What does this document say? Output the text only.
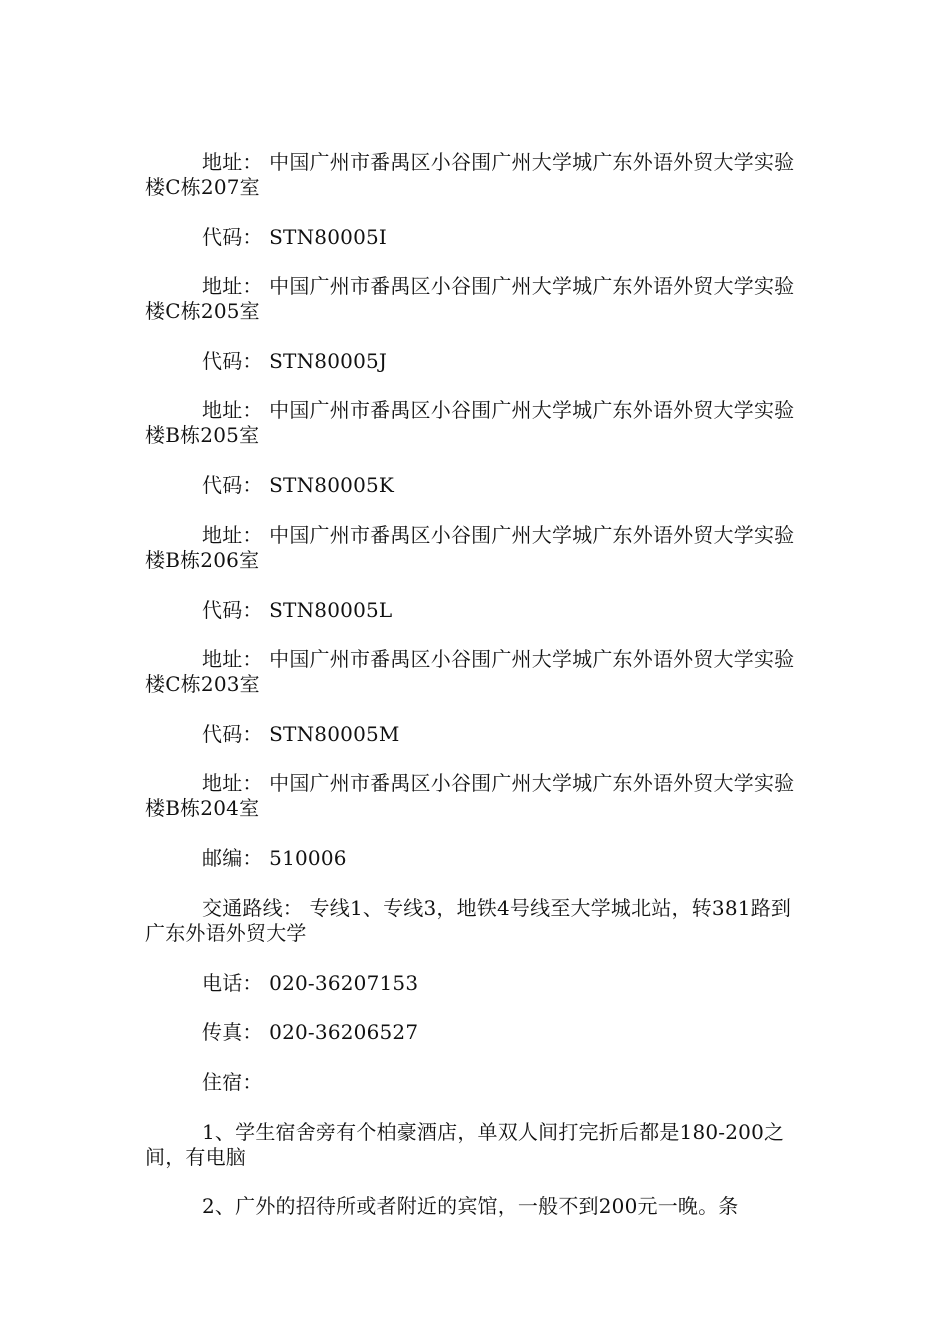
地址： 中国广州市番禺区小谷围广州大学城广东外语外贸大学实验楼C栋207室

代码： STN80005I

地址： 中国广州市番禺区小谷围广州大学城广东外语外贸大学实验楼C栋205室

代码： STN80005J

地址： 中国广州市番禺区小谷围广州大学城广东外语外贸大学实验楼B栋205室

代码： STN80005K

地址： 中国广州市番禺区小谷围广州大学城广东外语外贸大学实验楼B栋206室

代码： STN80005L

地址： 中国广州市番禺区小谷围广州大学城广东外语外贸大学实验楼C栋203室

代码： STN80005M

地址： 中国广州市番禺区小谷围广州大学城广东外语外贸大学实验楼B栋204室

邮编： 510006

交通路线： 专线1、专线3，地铁4号线至大学城北站，转381路到广东外语外贸大学

电话： 020-36207153

传真： 020-36206527

住宿：

1、学生宿舍旁有个柏豪酒店，单双人间打完折后都是180-200之间，有电脑

2、广外的招待所或者附近的宾馆，一般不到200元一晚。条
